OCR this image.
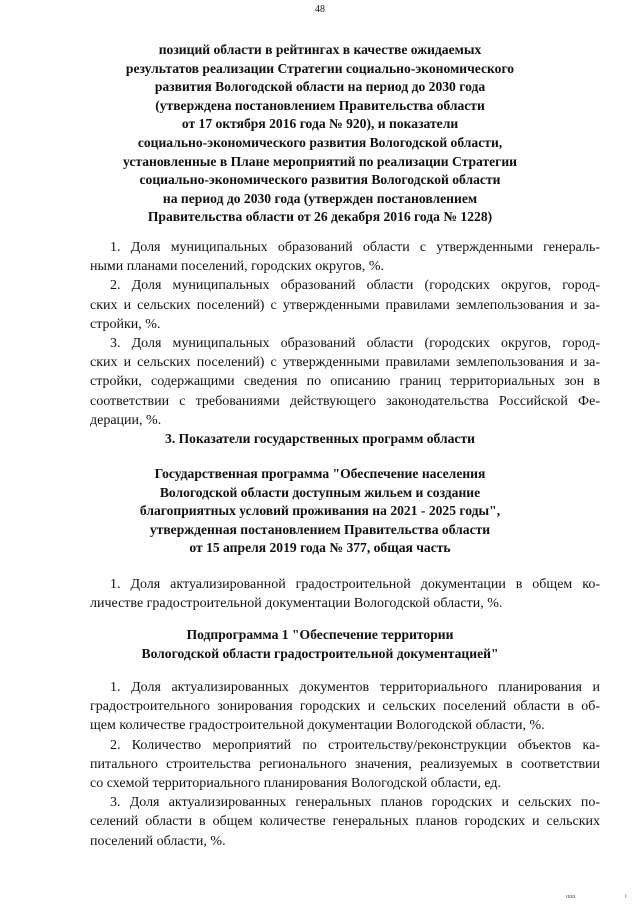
48
позиций области в рейтингах в качестве ожидаемых
результатов реализации Стратегии социально-экономического
развития Вологодской области на период до 2030 года
(утверждена постановлением Правительства области
от 17 октября 2016 года № 920), и показатели
социально-экономического развития Вологодской области,
установленные в Плане мероприятий по реализации Стратегии
социально-экономического развития Вологодской области
на период до 2030 года (утвержден постановлением
Правительства области от 26 декабря 2016 года № 1228)

1. Доля муниципальных образований области с утвержденными генераль-
ными планами поселений, городских округов, %.

2. Доля муниципальных образований области (городских округов, город-
ских и сельских поселений) с утвержденными правилами землепользования и за-
стройки, %.

3. Доля муниципальных образований области (городских округов, город-
ских и сельских поселений) с утвержденными правилами землепользования и за-
стройки, содержащими сведения по описанию границ территориальных зон в
соответствии с требованиями действующего законодательства Российской Фе-
дерации, %.

3. Показатели государственных программ области
Государственная программа "Обеспечение населения
Вологодской области доступным жильем и создание
благоприятных условий проживания на 2021 - 2025 годы",
утвержденная постановлением Правительства области
от 15 апреля 2019 года № 377, общая часть

1. Доля актуализированной градостроительной документации в общем ко-
личестве градостроительной документации Вологодской области, %.

Подпрограмма 1 "Обеспечение территории
Вологодской области градостроительной документацией"

1. Доля актуализированных документов территориального планирования и
градостроительного зонирования городских и сельских поселений области в об-
щем количестве градостроительной документации Вологодской области, %.

2. Количество мероприятий по строительству/реконструкции объектов ка-
питального строительства регионального значения, реализуемых в соответствии
со схемой территориального планирования Вологодской области, ед.

3. Доля актуализированных генеральных планов городских и сельских по-
селений области в общем количестве генеральных планов городских и сельских
поселений области, %.

шш	і
